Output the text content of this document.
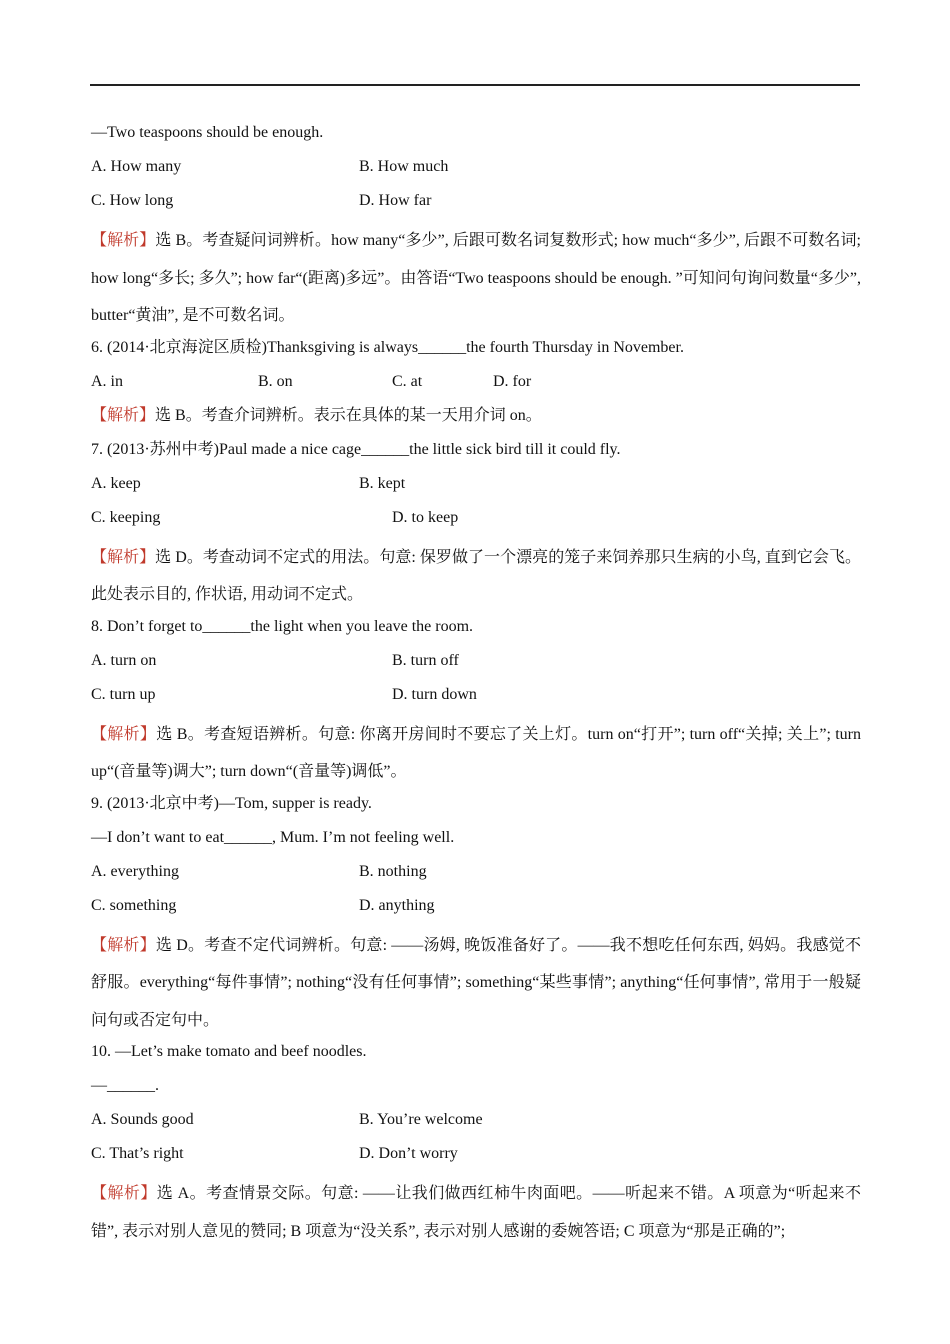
—Two teaspoons should be enough.
A. How many	B. How much
C. How long	D. How far
【解析】选 B。考查疑问词辨析。how many“多少”, 后跟可数名词复数形式; how much“多少”, 后跟不可数名词; how long“多长; 多久”; how far“(距离)多远”。由答语“Two teaspoons should be enough. ”可知问句询问数量“多少”, butter“黄油”, 是不可数名词。
6. (2014·北京海淀区质检)Thanksgiving is always______the fourth Thursday in November.
A. in	B. on	C. at	D. for
【解析】选 B。考查介词辨析。表示在具体的某一天用介词 on。
7. (2013·苏州中考)Paul made a nice cage______the little sick bird till it could fly.
A. keep	B. kept
C. keeping	D. to keep
【解析】选 D。考查动词不定式的用法。句意: 保罗做了一个漂亮的笼子来饲养那只生病的小鸟, 直到它会飞。此处表示目的, 作状语, 用动词不定式。
8. Don’t forget to______the light when you leave the room.
A. turn on	B. turn off
C. turn up	D. turn down
【解析】选 B。考查短语辨析。句意: 你离开房间时不要忘了关上灯。turn on“打开”; turn off“关掉; 关上”; turn up“(音量等)调大”; turn down“(音量等)调低”。
9. (2013·北京中考)—Tom, supper is ready.
—I don’t want to eat______, Mum. I’m not feeling well.
A. everything	B. nothing
C. something	D. anything
【解析】选 D。考查不定代词辨析。句意: ——汤姆, 晚饭准备好了。——我不想吃任何东西, 妈妈。我感觉不舒服。everything“每件事情”; nothing“没有任何事情”; something“某些事情”; anything“任何事情”, 常用于一般疑问句或否定句中。
10. —Let’s make tomato and beef noodles.
—______.
A. Sounds good	B. You’re welcome
C. That’s right	D. Don’t worry
【解析】选 A。考查情景交际。句意: ——让我们做西红柿牛肉面吧。——听起来不错。A 项意为“听起来不错”, 表示对别人意见的赞同; B 项意为“没关系”, 表示对别人感谢的委婉答语; C 项意为“那是正确的”;
